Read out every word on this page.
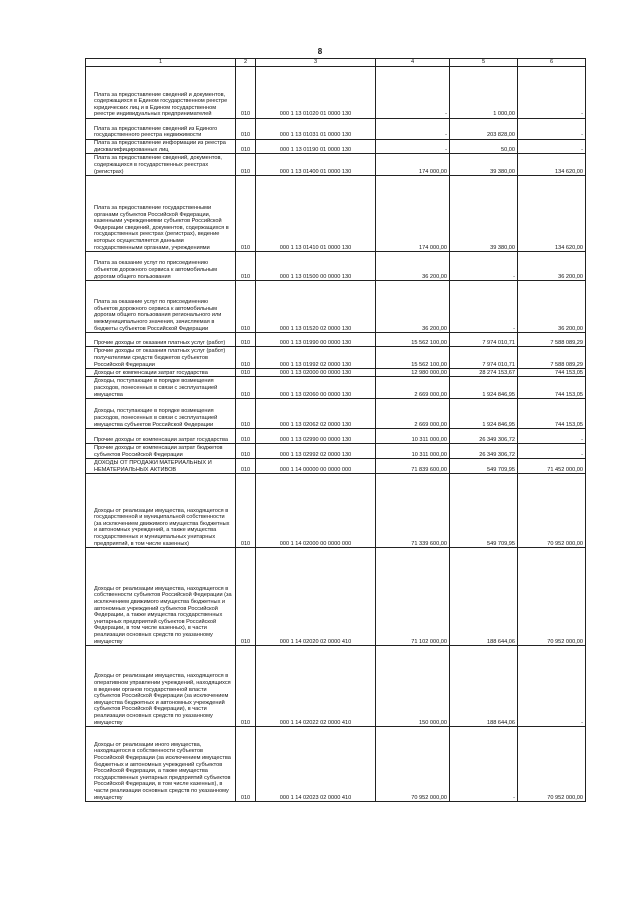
8
1	2	3	4	5	6
Плата за предоставление сведений и документов, содержащихся в Едином государственном реестре юридических лиц и в Едином государственном реестре индивидуальных предпринимателей	010	000 1 13 01020 01 0000 130	-	1 000,00	-
Плата за предоставление сведений из Единого государственного реестра недвижимости	010	000 1 13 01031 01 0000 130	-	203 828,00	-
Плата за предоставление информации из реестра дисквалифицированных лиц	010	000 1 13 01190 01 0000 130	-	50,00	-
Плата за предоставление сведений, документов, содержащихся в государственных реестрах (регистрах)	010	000 1 13 01400 01 0000 130	174 000,00	39 380,00	134 620,00
Плата за предоставление государственными органами субъектов Российской Федерации, казенными учреждениями субъектов Российской Федерации сведений, документов, содержащихся в государственных реестрах (регистрах), ведение которых осуществляется данными государственными органами, учреждениями	010	000 1 13 01410 01 0000 130	174 000,00	39 380,00	134 620,00
Плата за оказание услуг по присоединению объектов дорожного сервиса к автомобильным дорогам общего пользования	010	000 1 13 01500 00 0000 130	36 200,00	-	36 200,00
Плата за оказание услуг по присоединению объектов дорожного сервиса к автомобильным дорогам общего пользования регионального или межмуниципального значения, зачисляемая в бюджеты субъектов Российской Федерации	010	000 1 13 01520 02 0000 130	36 200,00	-	36 200,00
Прочие доходы от оказания платных услуг (работ)	010	000 1 13 01990 00 0000 130	15 562 100,00	7 974 010,71	7 588 089,29
Прочие доходы от оказания платных услуг (работ) получателями средств бюджетов субъектов Российской Федерации	010	000 1 13 01992 02 0000 130	15 562 100,00	7 974 010,71	7 588 089,29
Доходы от компенсации затрат государства	010	000 1 13 02000 00 0000 130	12 980 000,00	28 274 153,67	744 153,05
Доходы, поступающие в порядке возмещения расходов, понесенных в связи с эксплуатацией имущества	010	000 1 13 02060 00 0000 130	2 669 000,00	1 924 846,95	744 153,05
Доходы, поступающие в порядке возмещения расходов, понесенных в связи с эксплуатацией имущества субъектов Российской Федерации	010	000 1 13 02062 02 0000 130	2 669 000,00	1 924 846,95	744 153,05
Прочие доходы от компенсации затрат государства	010	000 1 13 02990 00 0000 130	10 311 000,00	26 349 306,72	-
Прочие доходы от компенсации затрат бюджетов субъектов Российской Федерации	010	000 1 13 02992 02 0000 130	10 311 000,00	26 349 306,72	-
ДОХОДЫ ОТ ПРОДАЖИ МАТЕРИАЛЬНЫХ И НЕМАТЕРИАЛЬНЫХ АКТИВОВ	010	000 1 14 00000 00 0000 000	71 839 600,00	549 709,95	71 452 000,00
Доходы от реализации имущества, находящегося в государственной и муниципальной собственности (за исключением движимого имущества бюджетных и автономных учреждений, а также имущества государственных и муниципальных унитарных предприятий, в том числе казенных)	010	000 1 14 02000 00 0000 000	71 339 600,00	549 709,95	70 952 000,00
Доходы от реализации имущества, находящегося в собственности субъектов Российской Федерации (за исключением движимого имущества бюджетных и автономных учреждений субъектов Российской Федерации, а также имущества государственных унитарных предприятий субъектов Российской Федерации, в том числе казенных), в части реализации основных средств по указанному имуществу	010	000 1 14 02020 02 0000 410	71 102 000,00	188 644,06	70 952 000,00
Доходы от реализации имущества, находящегося в оперативном управлении учреждений, находящихся в ведении органов государственной власти субъектов Российской Федерации (за исключением имущества бюджетных и автономных учреждений субъектов Российской Федерации), в части реализации основных средств по указанному имуществу	010	000 1 14 02022 02 0000 410	150 000,00	188 644,06	-
Доходы от реализации иного имущества, находящегося в собственности субъектов Российской Федерации (за исключением имущества бюджетных и автономных учреждений субъектов Российской Федерации, а также имущества государственных унитарных предприятий субъектов Российской Федерации, в том числе казенных), в части реализации основных средств по указанному имуществу	010	000 1 14 02023 02 0000 410	70 952 000,00	-	70 952 000,00
